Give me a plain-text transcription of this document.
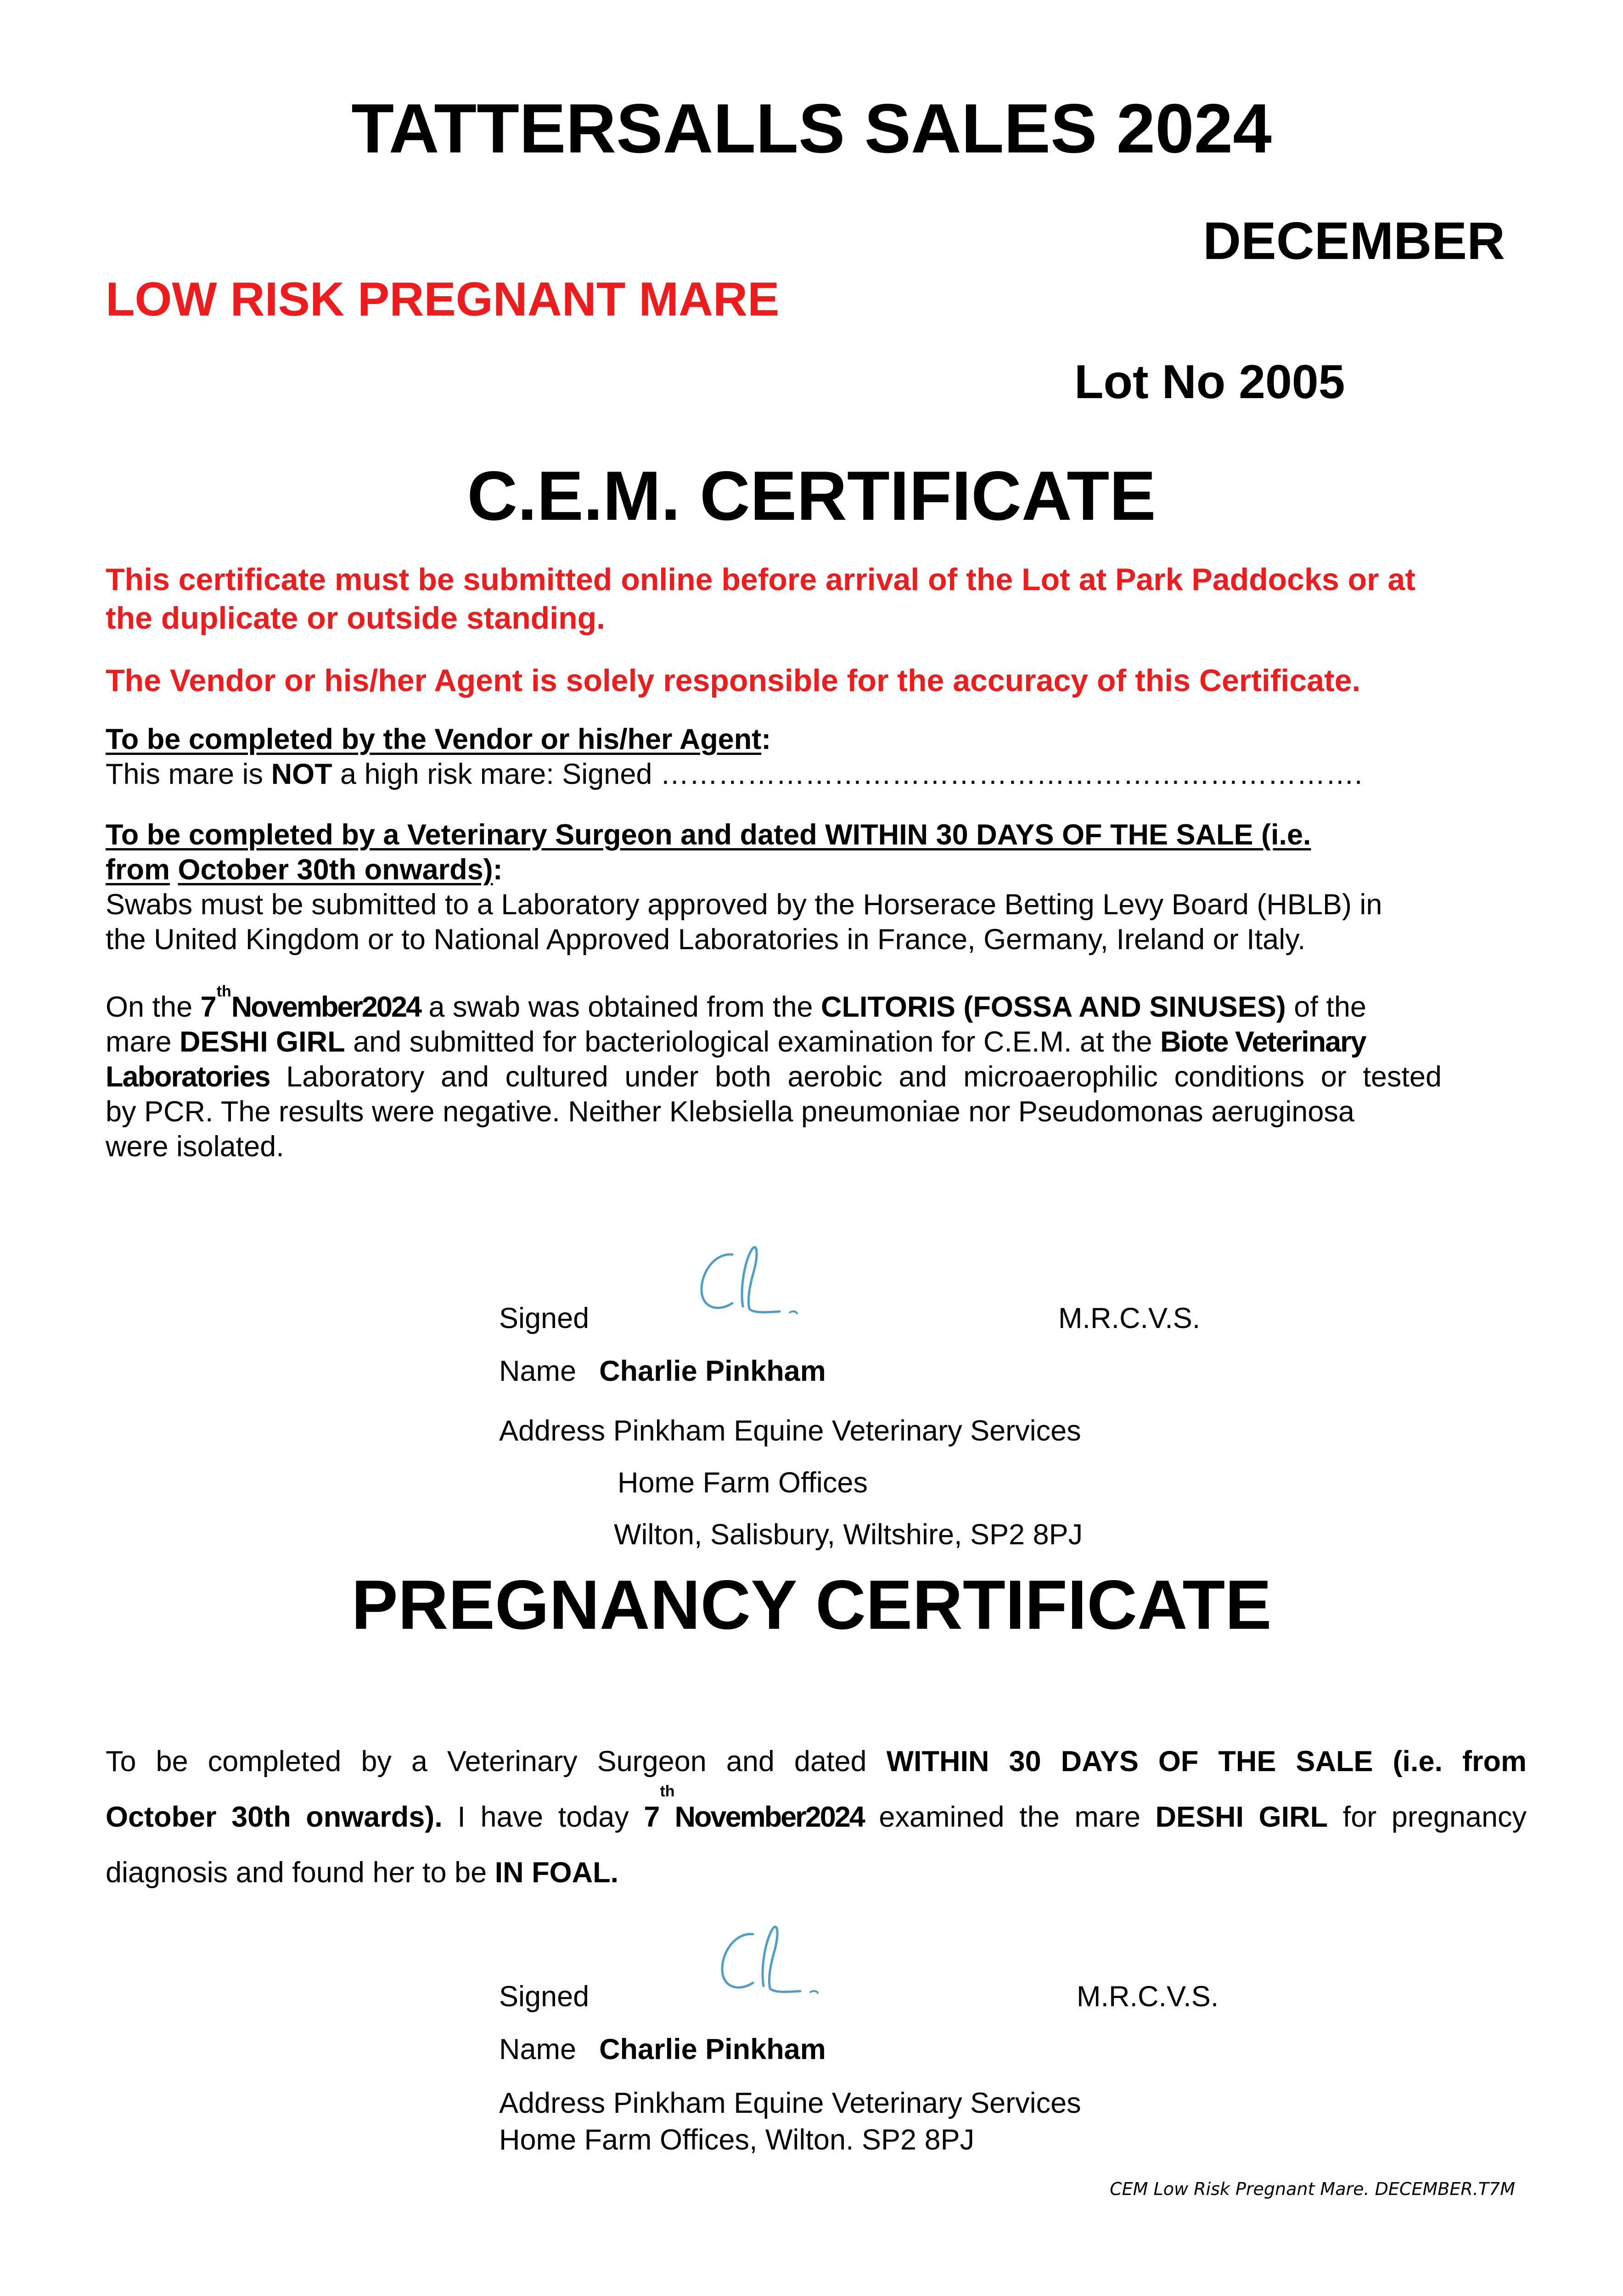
TATTERSALLS SALES 2024
DECEMBER
LOW RISK PREGNANT MARE
Lot No 2005
C.E.M. CERTIFICATE
This certificate must be submitted online before arrival of the Lot at Park Paddocks or at
the duplicate or outside standing.
The Vendor or his/her Agent is solely responsible for the accuracy of this Certificate.
To be completed by the Vendor or his/her Agent:
This mare is NOT a high risk mare: Signed ……………………………………………………………….
To be completed by a Veterinary Surgeon and dated WITHIN 30 DAYS OF THE SALE (i.e.
from October 30th onwards):
Swabs must be submitted to a Laboratory approved by the Horserace Betting Levy Board (HBLB) in
the United Kingdom or to National Approved Laboratories in France, Germany, Ireland or Italy.
On the 7thNovember2024 a swab was obtained from the CLITORIS (FOSSA AND SINUSES) of the
mare DESHI GIRL and submitted for bacteriological examination for C.E.M. at the Biote Veterinary
Laboratories Laboratory and cultured under both aerobic and microaerophilic conditions or tested
by PCR. The results were negative. Neither Klebsiella pneumoniae nor Pseudomonas aeruginosa
were isolated.
Signed	M.R.C.V.S.
Name Charlie Pinkham
Address Pinkham Equine Veterinary Services
Home Farm Offices
Wilton, Salisbury, Wiltshire, SP2 8PJ
PREGNANCY CERTIFICATE
To be completed by a Veterinary Surgeon and dated WITHIN 30 DAYS OF THE SALE (i.e. from
October 30th onwards). I have today 7thNovember2024 examined the mare DESHI GIRL for pregnancy
diagnosis and found her to be IN FOAL.
Signed	M.R.C.V.S.
Name Charlie Pinkham
Address Pinkham Equine Veterinary Services
Home Farm Offices, Wilton. SP2 8PJ
CEM Low Risk Pregnant Mare. DECEMBER.T7M
